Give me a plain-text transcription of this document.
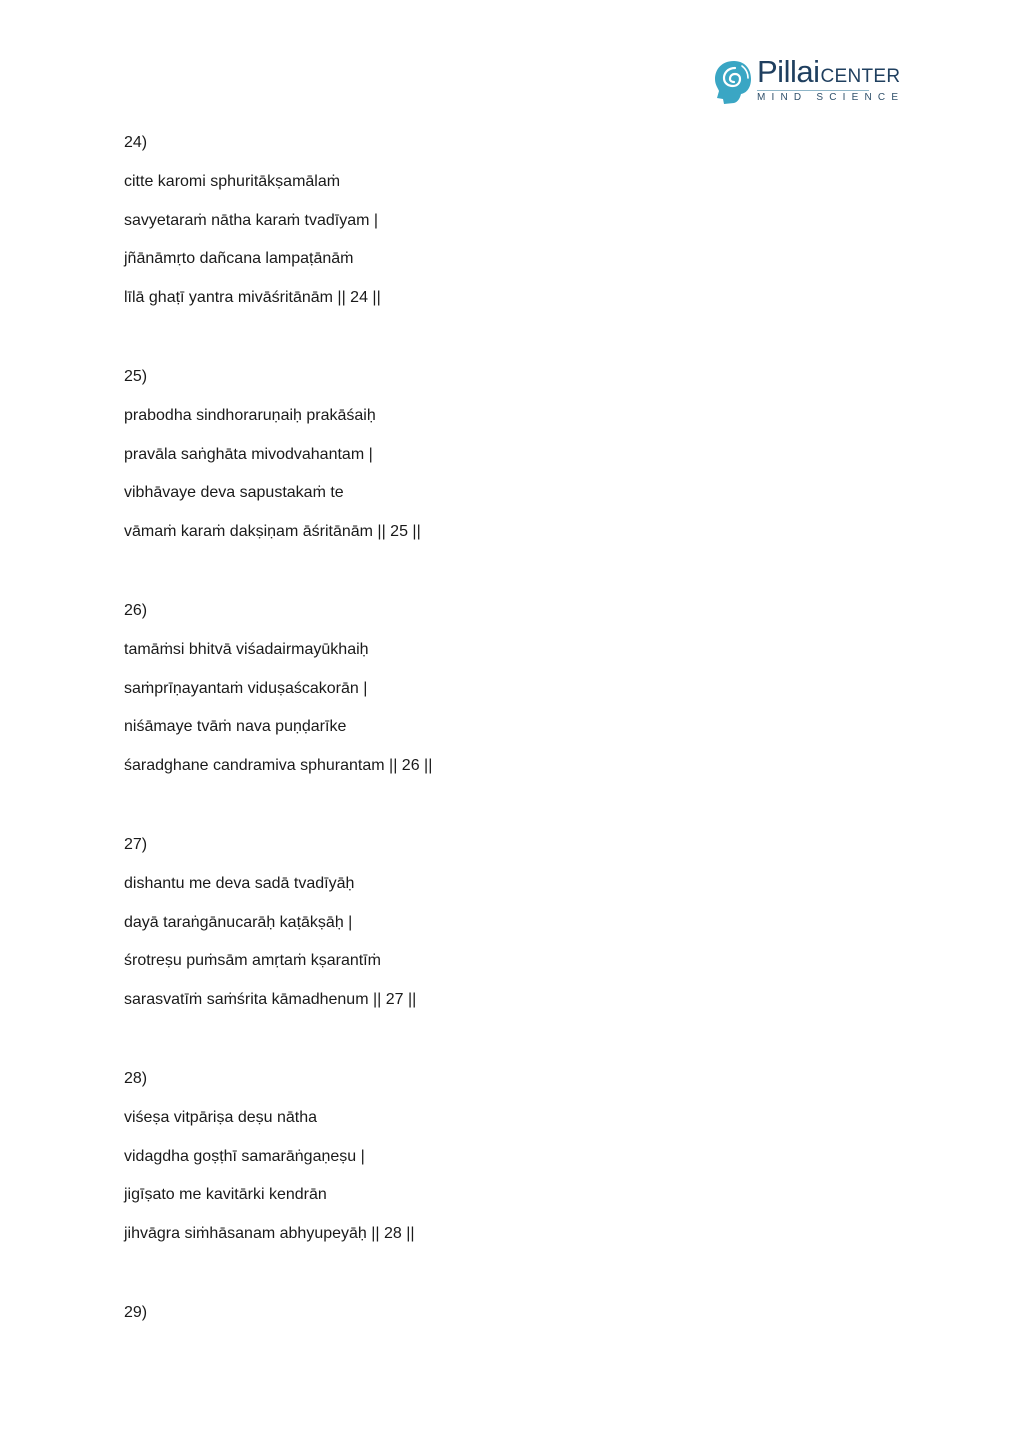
PillaiCENTER
MIND SCIENCE
24)
citte karomi sphuritākṣamālaṁ
savyetaraṁ nātha karaṁ tvadīyam |
jñānāmṛto dañcana lampaṭānāṁ
līlā ghaṭī yantra mivāśritānām || 24 ||
25)
prabodha sindhoraruṇaiḥ prakāśaiḥ
pravāla saṅghāta mivodvahantam |
vibhāvaye deva sapustakaṁ te
vāmaṁ karaṁ dakṣiṇam āśritānām || 25 ||
26)
tamāṁsi bhitvā viśadairmayūkhaiḥ
saṁprīṇayantaṁ viduṣaścakorān |
niśāmaye tvāṁ nava puṇḍarīke
śaradghane candramiva sphurantam || 26 ||
27)
dishantu me deva sadā tvadīyāḥ
dayā taraṅgānucarāḥ kaṭākṣāḥ |
śrotreṣu puṁsām amṛtaṁ kṣarantīṁ
sarasvatīṁ saṁśrita kāmadhenum || 27 ||
28)
viśeṣa vitpāriṣa deṣu nātha
vidagdha goṣṭhī samarāṅgaṇeṣu |
jigīṣato me kavitārki kendrān
jihvāgra siṁhāsanam abhyupeyāḥ || 28 ||
29)
